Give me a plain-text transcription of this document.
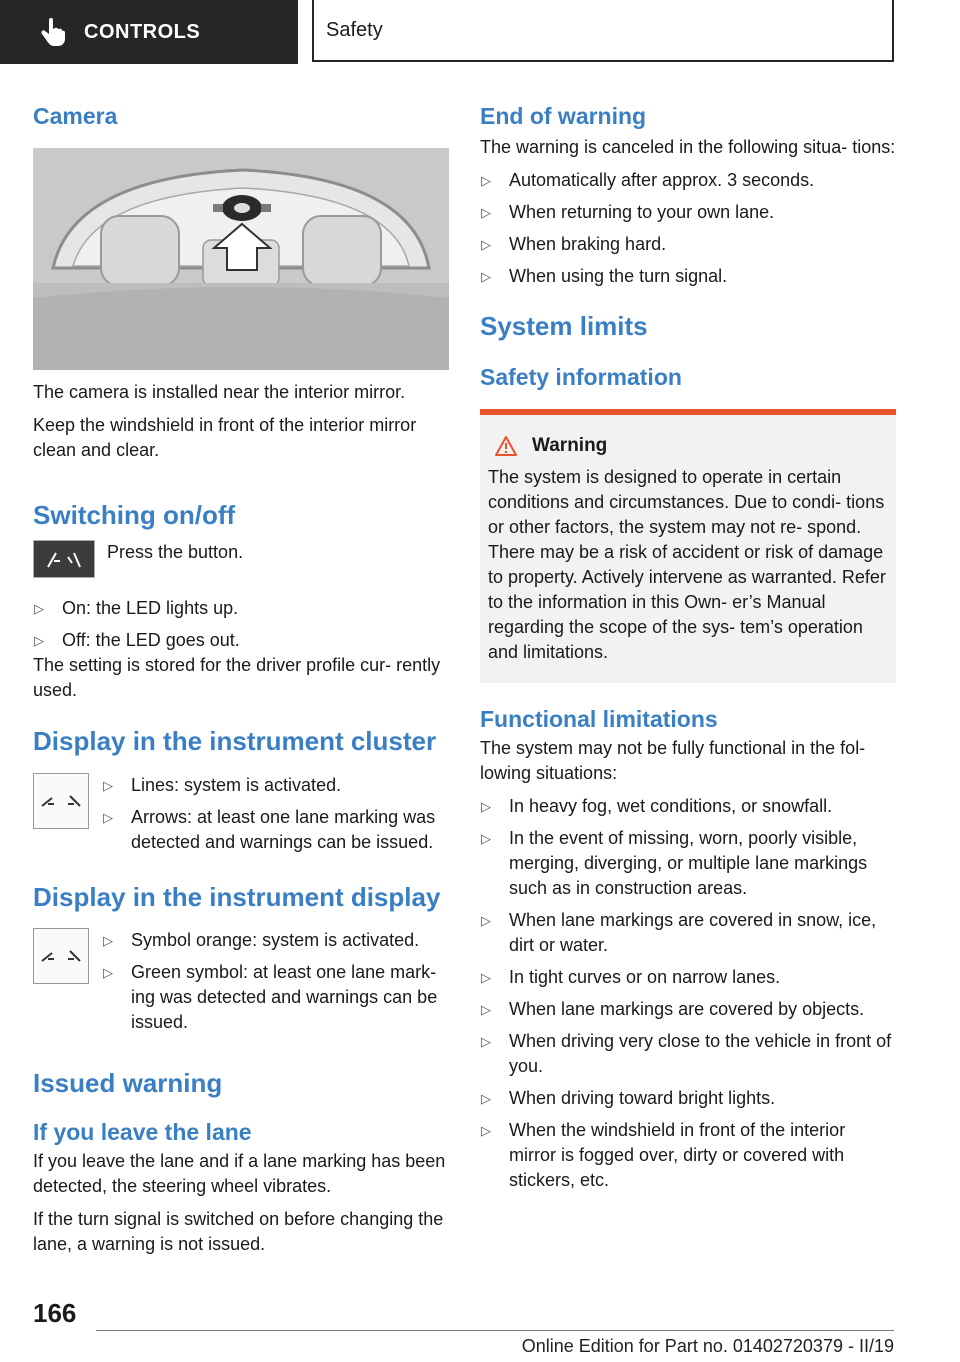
CONTROLS	Safety
Camera

The camera is installed near the interior mirror.

Keep the windshield in front of the interior mirror clean and clear.

Switching on/off

Press the button.

▷ On: the LED lights up.
▷ Off: the LED goes out.

The setting is stored for the driver profile cur‐ rently used.

Display in the instrument cluster
▷ Lines: system is activated.
▷ Arrows: at least one lane marking was detected and warnings can be issued.
Display in the instrument display
▷ Symbol orange: system is activated.
▷ Green symbol: at least one lane mark‐ ing was detected and warnings can be issued.
Issued warning
If you leave the lane

If you leave the lane and if a lane marking has been detected, the steering wheel vibrates.

If the turn signal is switched on before changing the lane, a warning is not issued.

End of warning

The warning is canceled in the following situa‐ tions:

▷ Automatically after approx. 3 seconds.
▷ When returning to your own lane.
▷ When braking hard.
▷ When using the turn signal.
System limits
Safety information
Warning

The system is designed to operate in certain conditions and circumstances. Due to condi‐ tions or other factors, the system may not re‐ spond. There may be a risk of accident or risk of damage to property. Actively intervene as warranted. Refer to the information in this Own‐ er’s Manual regarding the scope of the sys‐ tem’s operation and limitations.

Functional limitations

The system may not be fully functional in the fol‐ lowing situations:

▷ In heavy fog, wet conditions, or snowfall.
▷ In the event of missing, worn, poorly visible, merging, diverging, or multiple lane markings such as in construction areas.
▷ When lane markings are covered in snow, ice, dirt or water.
▷ In tight curves or on narrow lanes.
▷ When lane markings are covered by objects.
▷ When driving very close to the vehicle in front of you.
▷ When driving toward bright lights.
▷ When the windshield in front of the interior mirror is fogged over, dirty or covered with stickers, etc.
166
Online Edition for Part no. 01402720379 - II/19
